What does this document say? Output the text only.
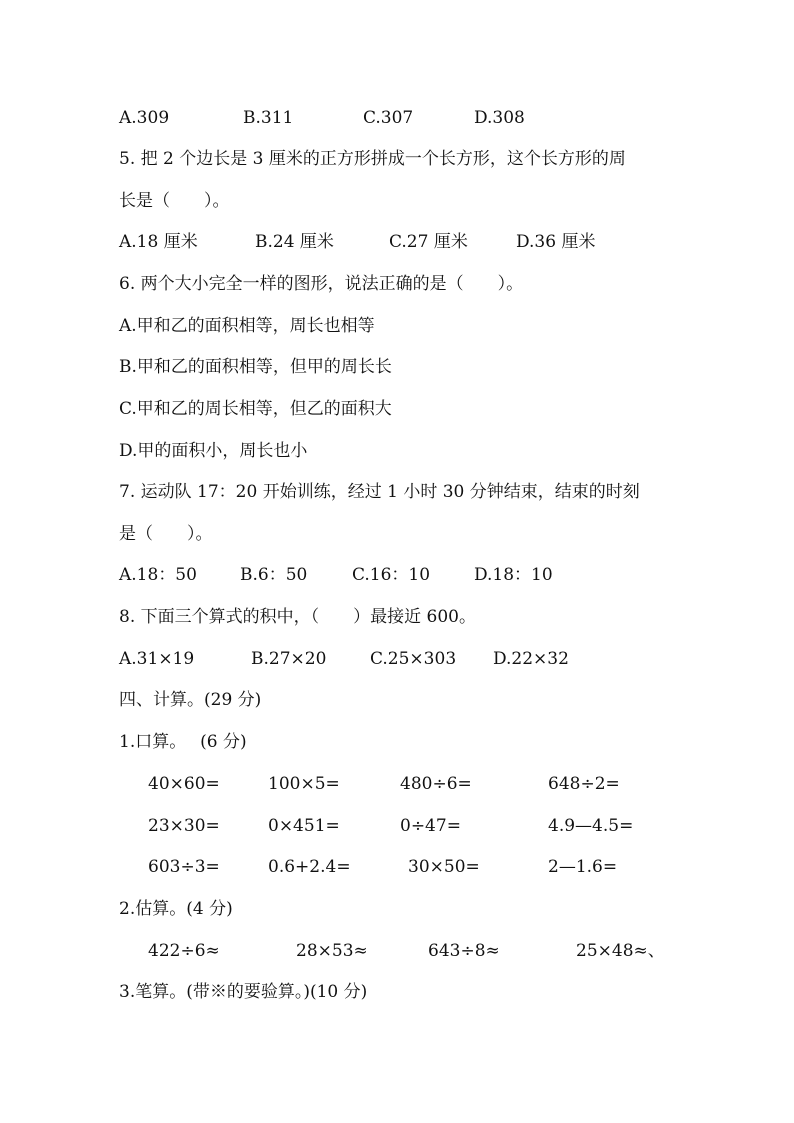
A.309	B.311	C.307	D.308
5. 把 2 个边长是 3 厘米的正方形拼成一个长方形，这个长方形的周
长是（　　）。
A.18 厘米	B.24 厘米	C.27 厘米	D.36 厘米
6. 两个大小完全一样的图形，说法正确的是（　　）。
A.甲和乙的面积相等，周长也相等
B.甲和乙的面积相等，但甲的周长长
C.甲和乙的周长相等，但乙的面积大
D.甲的面积小，周长也小
7. 运动队 17：20 开始训练，经过 1 小时 30 分钟结束，结束的时刻
是（　　）。
A.18：50	B.6：50	C.16：10	D.18：10
8. 下面三个算式的积中，（　　）最接近 600。
A.31×19	B.27×20	C.25×303 D.22×32
四、计算。(29 分)
1.口算。　 (6 分)
40×60=	100×5=	480÷6=	648÷2=
23×30=	0×451=	0÷47=	4.9—4.5=
603÷3=	0.6+2.4=	30×50=	2—1.6=
2.估算。(4 分)
422÷6≈	28×53≈	643÷8≈	25×48≈、
3.笔算。(带※的要验算。)(10 分)
